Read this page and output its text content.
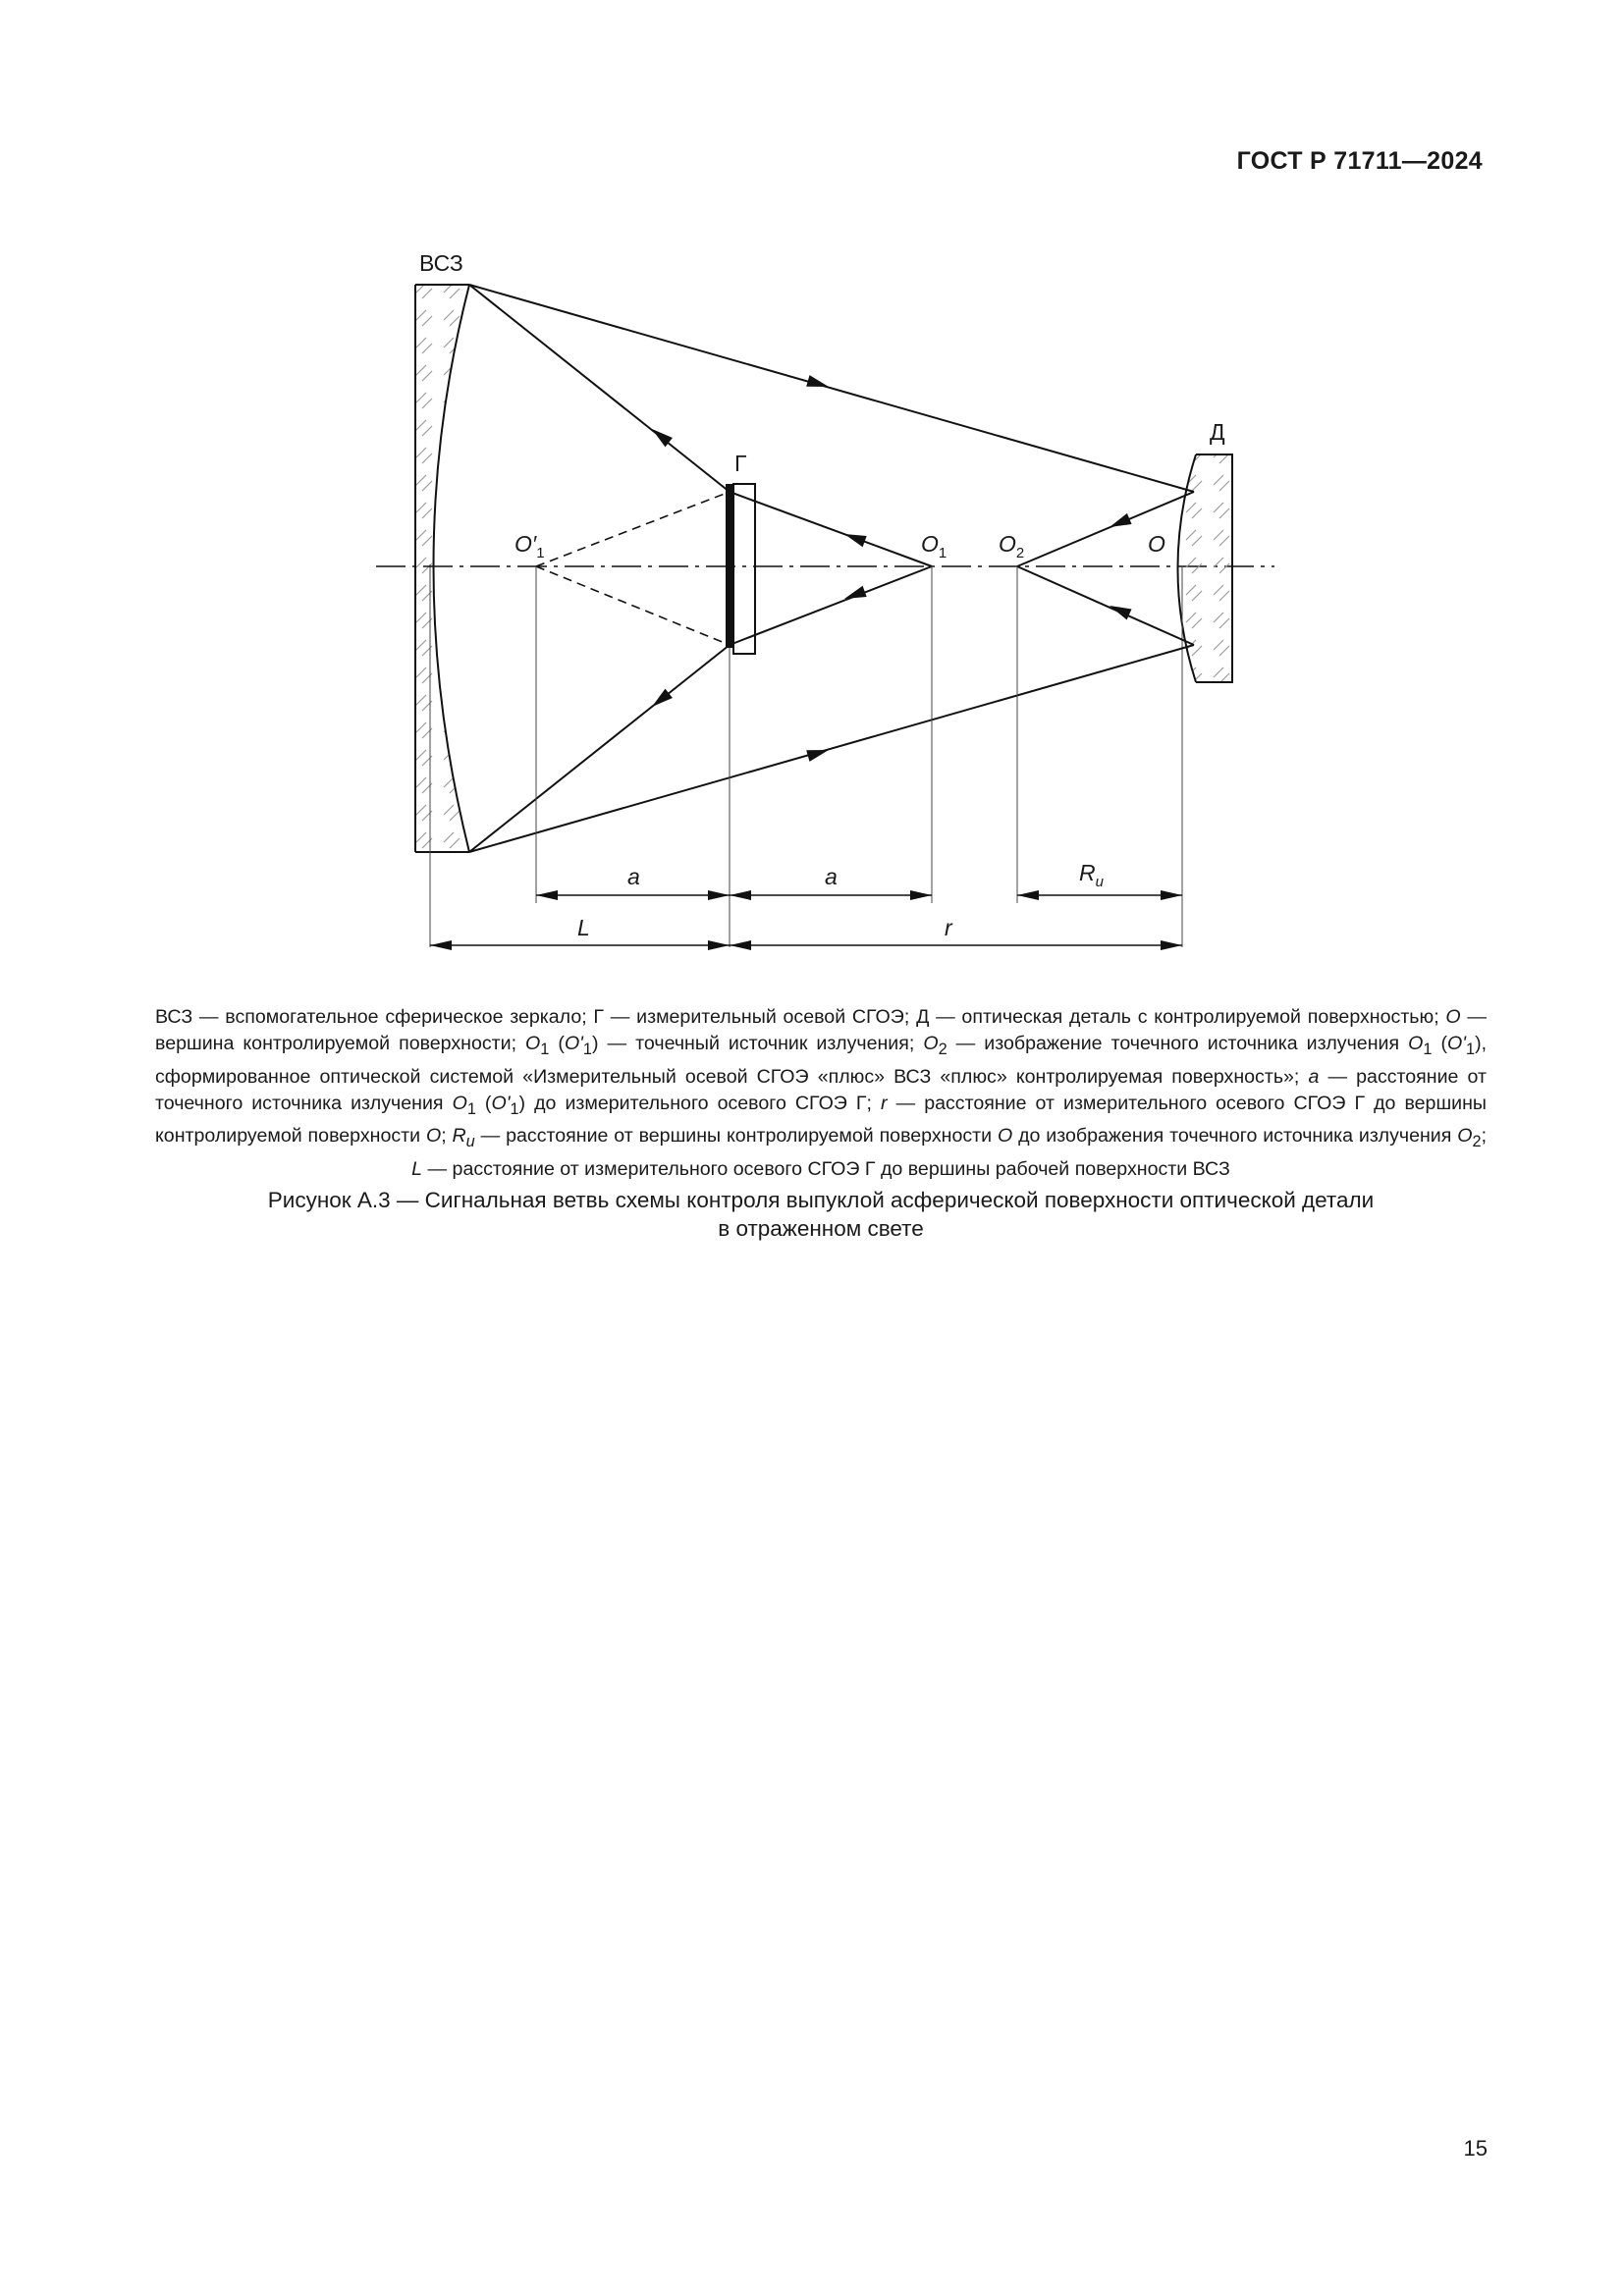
ГОСТ Р 71711—2024
ВСЗ
Г
Д
$O'_1$	$O_1$ $O_2$	O
a	a	$R_u$
L	r

ВСЗ — вспомогательное сферическое зеркало; Г — измерительный осевой СГОЭ; Д — оптическая деталь с контролируемой поверхностью; О — вершина контролируемой поверхности; $О_1$ $(О'_1)$ — точечный источник излучения; $О_2$ — изображение точечного источника излучения $О_1$ $(О'_1)$, сформированное оптической системой «Измерительный осевой СГОЭ «плюс» ВСЗ «плюс» контролируемая поверхность»; a — расстояние от точечного источника излучения $О_1$ $(О'_1)$ до измерительного осевого СГОЭ Г; r — расстояние от измерительного осевого СГОЭ Г до вершины контролируемой поверхности О; $R_u$ — расстояние от вершины контролируемой поверхности О до изображения точечного источника излучения $О_2$; L — расстояние от измерительного осевого СГОЭ Г до вершины рабочей поверхности ВСЗ

Рисунок А.3 — Сигнальная ветвь схемы контроля выпуклой асферической поверхности оптической детали
в отраженном свете
15
